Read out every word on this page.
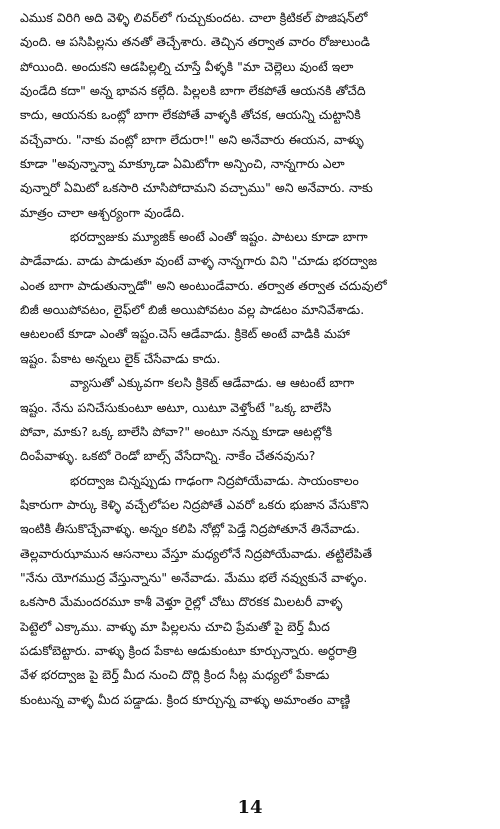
ఎముక విరిగి అది వెళ్ళి లివర్‌లో గుచ్చుకుందట. చాలా క్రిటికల్ పొజిషన్‌లో
వుంది. ఆ పసిపిల్లను తనతో తెచ్చేశారు. తెచ్చిన తర్వాత వారం రోజులుండి
పోయింది. అందుకని ఆడపిల్లల్ని చూస్తే వీళ్ళకి "మా చెల్లెలు వుంటే ఇలా
వుండేది కదా" అన్న భావన కల్గేది. పిల్లలకి బాగా లేకపోతే ఆయనకి తోచేది
కాదు, ఆయనకు ఒంట్లో బాగా లేకపోతే వాళ్ళకి తోచక, ఆయన్ని చుట్టానికి
వచ్చేవారు. "నాకు వంట్లో బాగా లేదురా!" అని అనేవారు ఈయన, వాళ్ళు
కూడా "అవున్నాన్నా మాక్కూడా ఏమిటోగా అన్పించి, నాన్నగారు ఎలా
వున్నారో ఏమిటో ఒకసారి చూసిపోదామని వచ్చాము" అని అనేవారు. నాకు
మాత్రం చాలా ఆశ్చర్యంగా వుండేది.
భరద్వాజుకు మ్యూజిక్ అంటే ఎంతో ఇష్టం. పాటలు కూడా బాగా
పాడేవాడు. వాడు పాడుతూ వుంటే వాళ్ళ నాన్నగారు విని "చూడు భరద్వాజ
ఎంత బాగా పాడుతున్నాడో" అని అంటుండేవారు. తర్వాత తర్వాత చదువులో
బిజీ అయిపోవటం, లైఫ్‌లో బిజీ అయిపోవటం వల్ల పాడటం మానివేశాడు.
ఆటలంటే కూడా ఎంతో ఇష్టం.చెస్ ఆడేవాడు. క్రికెట్ అంటే వాడికి మహా
ఇష్టం. పేకాట అన్నలు లైక్ చేసేవాడు కాదు.
వ్యాసుతో ఎక్కువగా కలసి క్రికెట్ ఆడేవాడు. ఆ ఆటంటే బాగా
ఇష్టం. నేను పనిచేసుకుంటూ అటూ, యిటూ వెళ్తోంటే "ఒక్క బాలేసి
పోవా, మాకు? ఒక్క బాలేసి పోవా?" అంటూ నన్ను కూడా ఆటల్లోకి
దింపేవాళ్ళు. ఒకటో రెండో బాల్స్ వేసేదాన్ని. నాకేం చేతనవును?
భరద్వాజ చిన్నప్పుడు గాఢంగా నిద్రపోయేవాడు. సాయంకాలం
షికారుగా పార్కు కెళ్ళి వచ్చేలోపల నిద్రపోతే ఎవరో ఒకరు భుజాన వేసుకొని
ఇంటికి తీసుకొచ్చేవాళ్ళు. అన్నం కలిపి నోట్లో పెడ్తే నిద్రపోతూనే తినేవాడు.
తెల్లవారుఝామున ఆసనాలు వేస్తూ మధ్యలోనే నిద్రపోయేవాడు. తట్టిలేపితే
"నేను యోగముద్ర వేస్తున్నాను" అనేవాడు. మేము భలే నవ్వుకునే వాళ్ళం.
ఒకసారి మేమందరమూ కాశీ వెళ్తూ రైల్లో చోటు దొరకక మిలటరీ వాళ్ళ
పెట్టెలో ఎక్కాము. వాళ్ళు మా పిల్లలను చూచి ప్రేమతో పై బెర్త్ మీద
పడుకోబెట్టారు. వాళ్ళు క్రింద పేకాట ఆడుకుంటూ కూర్చున్నారు. అర్ధరాత్రి
వేళ భరద్వాజ పై బెర్త్ మీద నుంచి దొర్లి క్రింద సీట్ల మధ్యలో పేకాడు
కుంటున్న వాళ్ళ మీద పడ్డాడు. క్రింద కూర్చున్న వాళ్ళు అమాంతం వాణ్ణి
14
